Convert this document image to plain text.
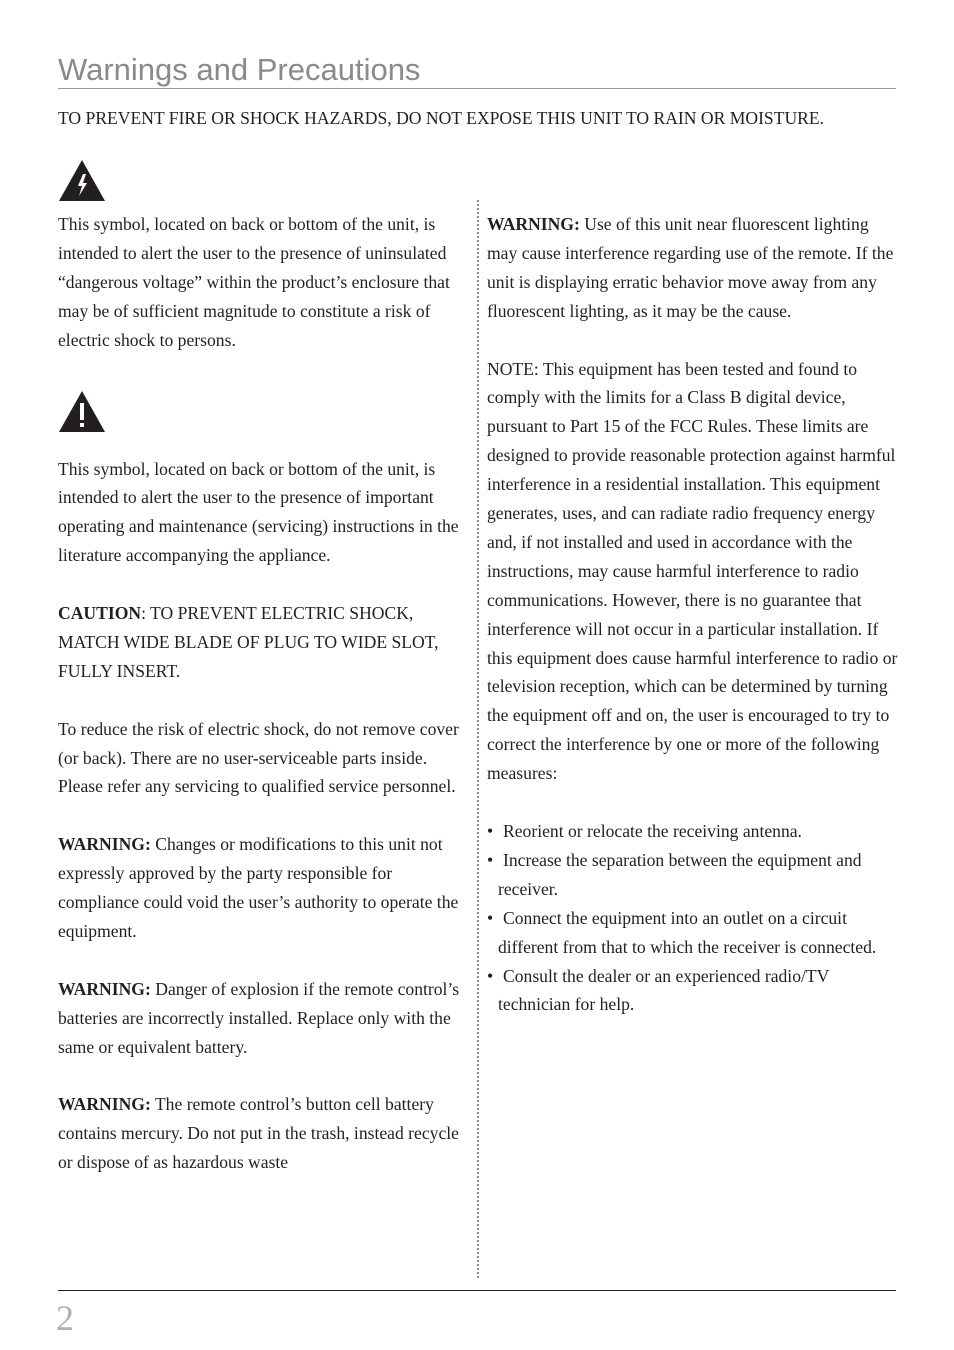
Warnings and Precautions
TO PREVENT FIRE OR SHOCK HAZARDS, DO NOT EXPOSE THIS UNIT TO RAIN OR MOISTURE.

This symbol, located on back or bottom of the unit, is intended to alert the user to the presence of uninsulated “dangerous voltage” within the product’s enclosure that may be of sufficient magnitude to constitute a risk of electric shock to persons.

This symbol, located on back or bottom of the unit, is intended to alert the user to the presence of important operating and maintenance (servicing) instructions in the literature accompanying the appliance.

CAUTION: TO PREVENT ELECTRIC SHOCK, MATCH WIDE BLADE OF PLUG TO WIDE SLOT, FULLY INSERT.

To reduce the risk of electric shock, do not remove cover (or back). There are no user-serviceable parts inside. Please refer any servicing to qualified service personnel.

WARNING: Changes or modifications to this unit not expressly approved by the party responsible for compliance could void the user’s authority to operate the equipment.

WARNING: Danger of explosion if the remote control’s batteries are incorrectly installed. Replace only with the same or equivalent battery.

WARNING: The remote control’s button cell battery contains mercury. Do not put in the trash, instead recycle or dispose of as hazardous waste

WARNING: Use of this unit near fluorescent lighting may cause interference regarding use of the remote. If the unit is displaying erratic behavior move away from any fluorescent lighting, as it may be the cause.

NOTE: This equipment has been tested and found to comply with the limits for a Class B digital device, pursuant to Part 15 of the FCC Rules. These limits are designed to provide reasonable protection against harmful interference in a residential installation. This equipment generates, uses, and can radiate radio frequency energy and, if not installed and used in accordance with the instructions, may cause harmful interference to radio communications. However, there is no guarantee that interference will not occur in a particular installation. If this equipment does cause harmful interference to radio or television reception, which can be determined by turning the equipment off and on, the user is encouraged to try to correct the interference by one or more of the following measures:

• Reorient or relocate the receiving antenna.
• Increase the separation between the equipment and receiver.
• Connect the equipment into an outlet on a circuit different from that to which the receiver is connected.
• Consult the dealer or an experienced radio/TV technician for help.
2
